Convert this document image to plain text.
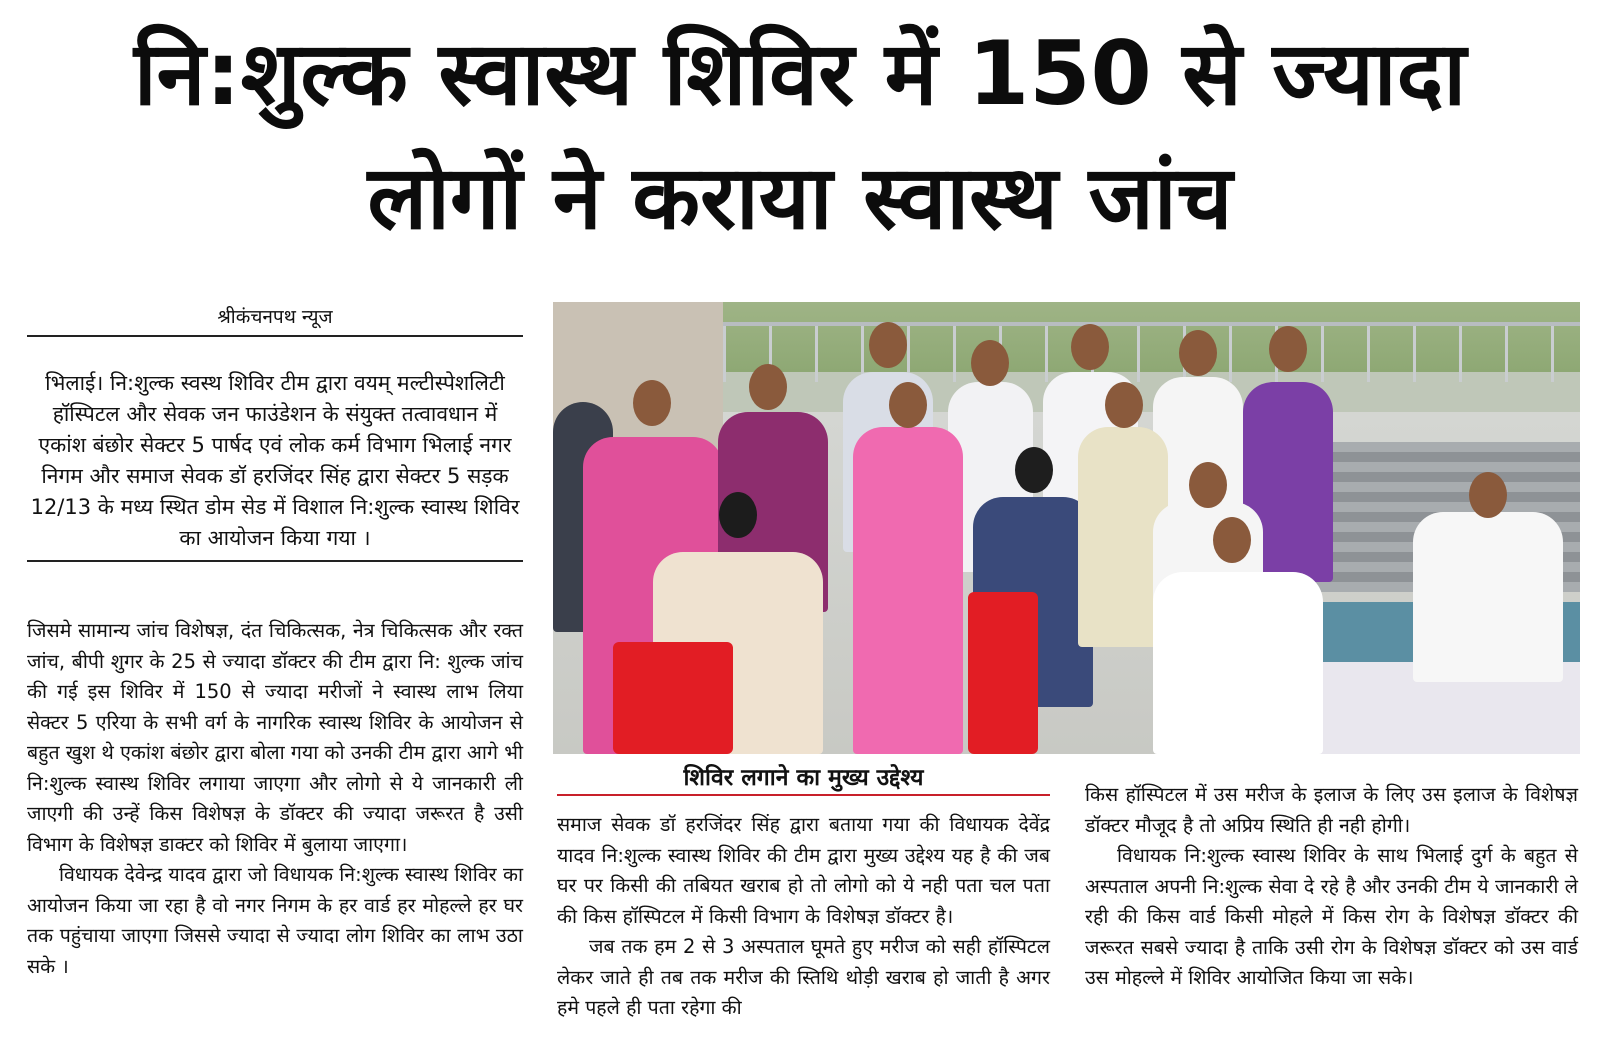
नि:शुल्क स्वास्थ शिविर में 150 से ज्यादा
लोगों ने कराया स्वास्थ जांच
श्रीकंचनपथ न्यूज
भिलाई। नि:शुल्क स्वस्थ शिविर टीम द्वारा वयम् मल्टीस्पेशलिटी हॉस्पिटल और सेवक जन फाउंडेशन के संयुक्त तत्वावधान में एकांश बंछोर सेक्टर 5 पार्षद एवं लोक कर्म विभाग भिलाई नगर निगम और समाज सेवक डॉ हरजिंदर सिंह द्वारा सेक्टर 5 सड़क 12/13 के मध्य स्थित डोम सेड में विशाल नि:शुल्क स्वास्थ शिविर का आयोजन किया गया ।

जिसमे सामान्य जांच विशेषज्ञ, दंत चिकित्सक, नेत्र चिकित्सक और रक्त जांच, बीपी शुगर के 25 से ज्यादा डॉक्टर की टीम द्वारा नि: शुल्क जांच की गई इस शिविर में 150 से ज्यादा मरीजों ने स्वास्थ लाभ लिया सेक्टर 5 एरिया के सभी वर्ग के नागरिक स्वास्थ शिविर के आयोजन से बहुत खुश थे एकांश बंछोर द्वारा बोला गया को उनकी टीम द्वारा आगे भी नि:शुल्क स्वास्थ शिविर लगाया जाएगा और लोगो से ये जानकारी ली जाएगी की उन्हें किस विशेषज्ञ के डॉक्टर की ज्यादा जरूरत है उसी विभाग के विशेषज्ञ डाक्टर को शिविर में बुलाया जाएगा।

विधायक देवेन्द्र यादव द्वारा जो विधायक नि:शुल्क स्वास्थ शिविर का आयोजन किया जा रहा है वो नगर निगम के हर वार्ड हर मोहल्ले हर घर तक पहुंचाया जाएगा जिससे ज्यादा से ज्यादा लोग शिविर का लाभ उठा सके ।

शिविर लगाने का मुख्य उद्देश्य

समाज सेवक डॉ हरजिंदर सिंह द्वारा बताया गया की विधायक देवेंद्र यादव नि:शुल्क स्वास्थ शिविर की टीम द्वारा मुख्य उद्देश्य यह है की जब घर पर किसी की तबियत खराब हो तो लोगो को ये नही पता चल पता की किस हॉस्पिटल में किसी विभाग के विशेषज्ञ डॉक्टर है।

जब तक हम 2 से 3 अस्पताल घूमते हुए मरीज को सही हॉस्पिटल लेकर जाते ही तब तक मरीज की स्तिथि थोड़ी खराब हो जाती है अगर हमे पहले ही पता रहेगा की

किस हॉस्पिटल में उस मरीज के इलाज के लिए उस इलाज के विशेषज्ञ डॉक्टर मौजूद है तो अप्रिय स्थिति ही नही होगी।

विधायक नि:शुल्क स्वास्थ शिविर के साथ भिलाई दुर्ग के बहुत से अस्पताल अपनी नि:शुल्क सेवा दे रहे है और उनकी टीम ये जानकारी ले रही की किस वार्ड किसी मोहले में किस रोग के विशेषज्ञ डॉक्टर की जरूरत सबसे ज्यादा है ताकि उसी रोग के विशेषज्ञ डॉक्टर को उस वार्ड उस मोहल्ले में शिविर आयोजित किया जा सके।
